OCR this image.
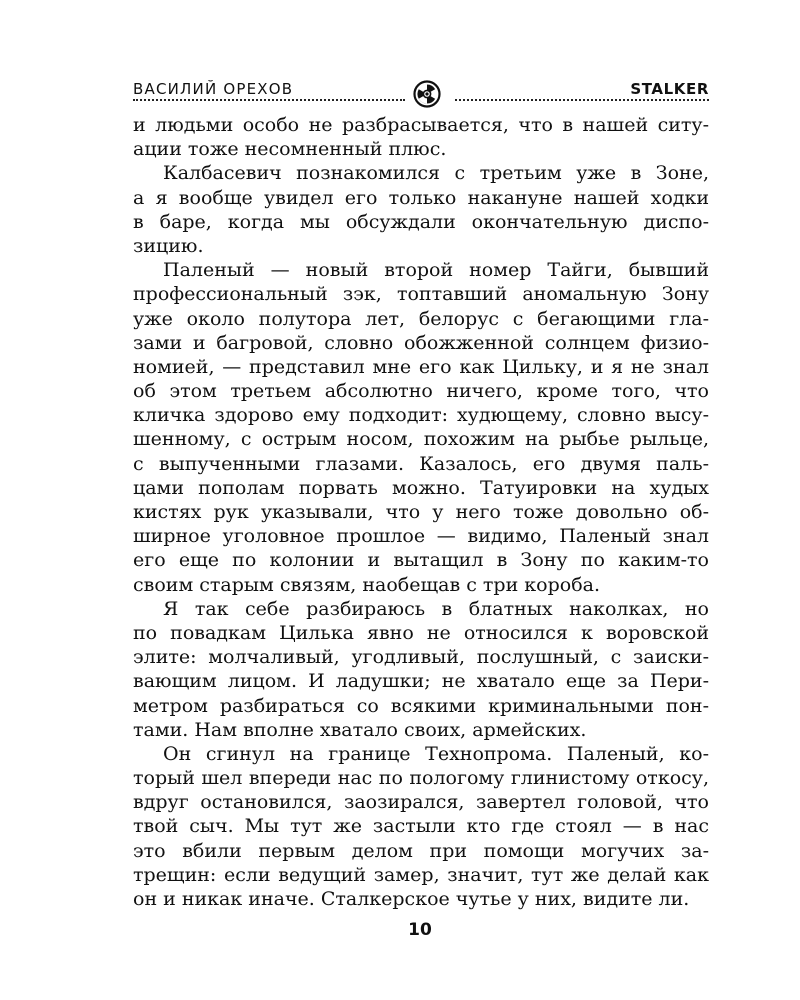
ВАСИЛИЙ ОРЕХОВ	STALKER
и людьми особо не разбрасывается, что в нашей ситу-
ации тоже несомненный плюс.
Калбасевич познакомился с третьим уже в Зоне,
а я вообще увидел его только накануне нашей ходки
в баре, когда мы обсуждали окончательную диспо-
зицию.
Паленый — новый второй номер Тайги, бывший
профессиональный зэк, топтавший аномальную Зону
уже около полутора лет, белорус с бегающими гла-
зами и багровой, словно обожженной солнцем физио-
номией, — представил мне его как Цильку, и я не знал
об этом третьем абсолютно ничего, кроме того, что
кличка здорово ему подходит: худющему, словно высу-
шенному, с острым носом, похожим на рыбье рыльце,
с выпученными глазами. Казалось, его двумя паль-
цами пополам порвать можно. Татуировки на худых
кистях рук указывали, что у него тоже довольно об-
ширное уголовное прошлое — видимо, Паленый знал
его еще по колонии и вытащил в Зону по каким-то
своим старым связям, наобещав с три короба.
Я так себе разбираюсь в блатных наколках, но
по повадкам Цилька явно не относился к воровской
элите: молчаливый, угодливый, послушный, с заиски-
вающим лицом. И ладушки; не хватало еще за Пери-
метром разбираться со всякими криминальными пон-
тами. Нам вполне хватало своих, армейских.
Он сгинул на границе Технопрома. Паленый, ко-
торый шел впереди нас по пологому глинистому откосу,
вдруг остановился, заозирался, завертел головой, что
твой сыч. Мы тут же застыли кто где стоял — в нас
это вбили первым делом при помощи могучих за-
трещин: если ведущий замер, значит, тут же делай как
он и никак иначе. Сталкерское чутье у них, видите ли.
10
